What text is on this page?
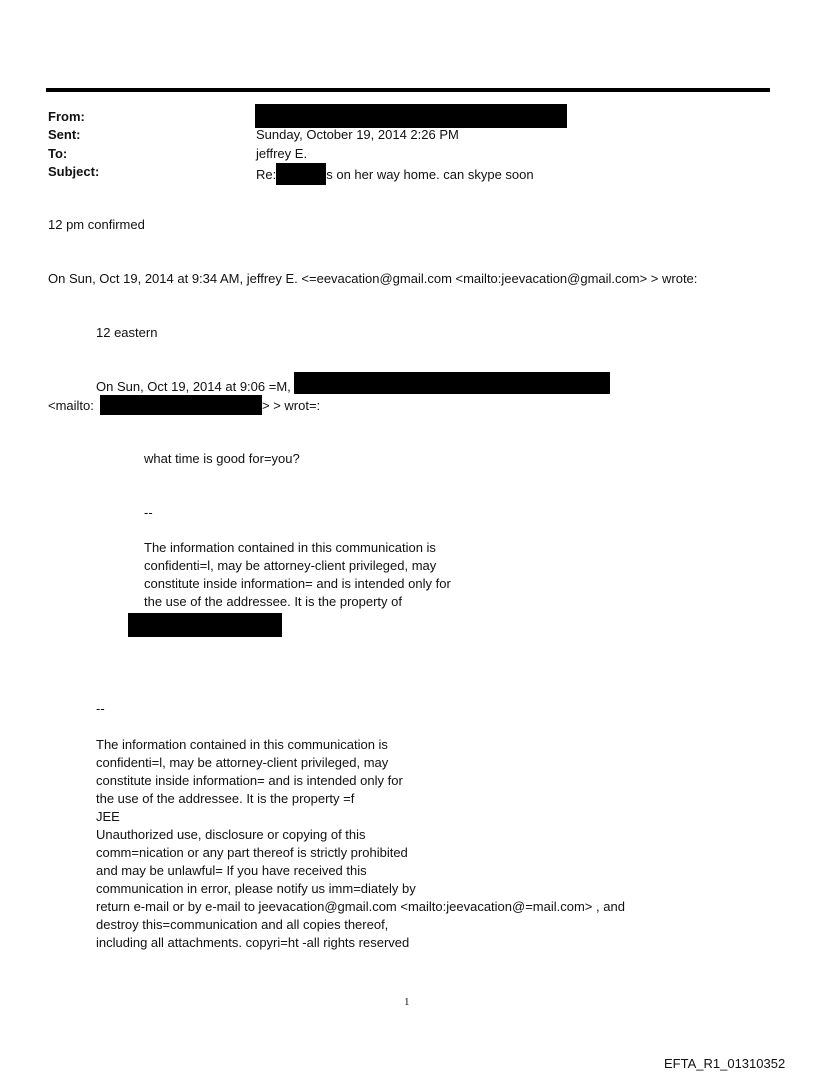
From:
Sent:	Sunday, October 19, 2014 2:26 PM
To:	jeffrey E.
Subject:	Re:	s on her way home. can skype soon
12 pm confirmed
On Sun, Oct 19, 2014 at 9:34 AM, jeffrey E. <=eevacation@gmail.com <mailto:jeevacation@gmail.com> > wrote:
12 eastern
On Sun, Oct 19, 2014 at 9:06 =M,
<mailto:	> > wrot=:
what time is good for=you?
--
The information contained in this communication is
confidenti=l, may be attorney-client privileged, may
constitute inside information= and is intended only for
the use of the addressee. It is the property of
--
The information contained in this communication is
confidenti=l, may be attorney-client privileged, may
constitute inside information= and is intended only for
the use of the addressee. It is the property =f
JEE
Unauthorized use, disclosure or copying of this
comm=nication or any part thereof is strictly prohibited
and may be unlawful= If you have received this
communication in error, please notify us imm=diately by
return e-mail or by e-mail to jeevacation@gmail.com <mailto:jeevacation@=mail.com> , and
destroy this=communication and all copies thereof,
including all attachments. copyri=ht -all rights reserved
1
EFTA_R1_01310352
